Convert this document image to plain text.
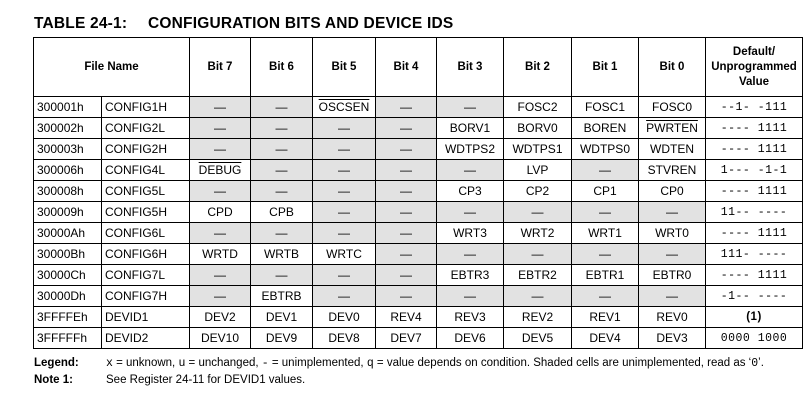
TABLE 24-1: CONFIGURATION BITS AND DEVICE IDS
File Name		Bit 7	Bit 6	Bit 5	Bit 4	Bit 3	Bit 2	Bit 1	Bit 0	Default/
Unprogrammed
Value
300001h	CONFIG1H	—	—	OSCSEN	—	—	FOSC2	FOSC1	FOSC0	--1- -111
300002h	CONFIG2L	—	—	—	—	BORV1	BORV0	BOREN	PWRTEN	---- 1111
300003h	CONFIG2H	—	—	—	—	WDTPS2	WDTPS1	WDTPS0	WDTEN	---- 1111
300006h	CONFIG4L	DEBUG	—	—	—	—	LVP	—	STVREN	1--- -1-1
300008h	CONFIG5L	—	—	—	—	CP3	CP2	CP1	CP0	---- 1111
300009h	CONFIG5H	CPD	CPB	—	—	—	—	—	—	11-- ----
30000Ah	CONFIG6L	—	—	—	—	WRT3	WRT2	WRT1	WRT0	---- 1111
30000Bh	CONFIG6H	WRTD	WRTB	WRTC	—	—	—	—	—	111- ----
30000Ch	CONFIG7L	—	—	—	—	EBTR3	EBTR2	EBTR1	EBTR0	---- 1111
30000Dh	CONFIG7H	—	EBTRB	—	—	—	—	—	—	-1-- ----
3FFFFEh	DEVID1	DEV2	DEV1	DEV0	REV4	REV3	REV2	REV1	REV0	(1)
3FFFFFh	DEVID2	DEV10	DEV9	DEV8	DEV7	DEV6	DEV5	DEV4	DEV3	0000 1000
Legend: x = unknown, u = unchanged, - = unimplemented, q = value depends on condition. Shaded cells are unimplemented, read as ‘0’.
Note 1:	See Register 24-11 for DEVID1 values.
